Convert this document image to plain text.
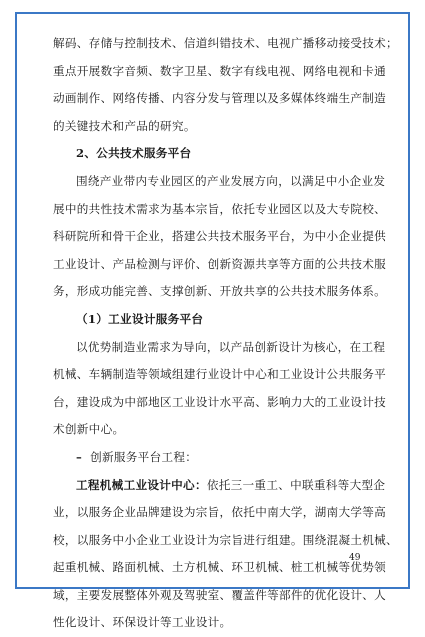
解码、存储与控制技术、信道纠错技术、电视广播移动接受技术；
重点开展数字音频、数字卫星、数字有线电视、网络电视和卡通
动画制作、网络传播、内容分发与管理以及多媒体终端生产制造
的关键技术和产品的研究。
2、公共技术服务平台
围绕产业带内专业园区的产业发展方向，以满足中小企业发
展中的共性技术需求为基本宗旨，依托专业园区以及大专院校、
科研院所和骨干企业，搭建公共技术服务平台，为中小企业提供
工业设计、产品检测与评价、创新资源共享等方面的公共技术服
务，形成功能完善、支撑创新、开放共享的公共技术服务体系。
（1）工业设计服务平台
以优势制造业需求为导向，以产品创新设计为核心，在工程
机械、车辆制造等领域组建行业设计中心和工业设计公共服务平
台，建设成为中部地区工业设计水平高、影响力大的工业设计技
术创新中心。
– 创新服务平台工程：
工程机械工业设计中心：依托三一重工、中联重科等大型企
业，以服务企业品牌建设为宗旨，依托中南大学，湖南大学等高
校，以服务中小企业工业设计为宗旨进行组建。围绕混凝土机械、
起重机械、路面机械、土方机械、环卫机械、桩工机械等优势领
域，主要发展整体外观及驾驶室、覆盖件等部件的优化设计、人
性化设计、环保设计等工业设计。
49
